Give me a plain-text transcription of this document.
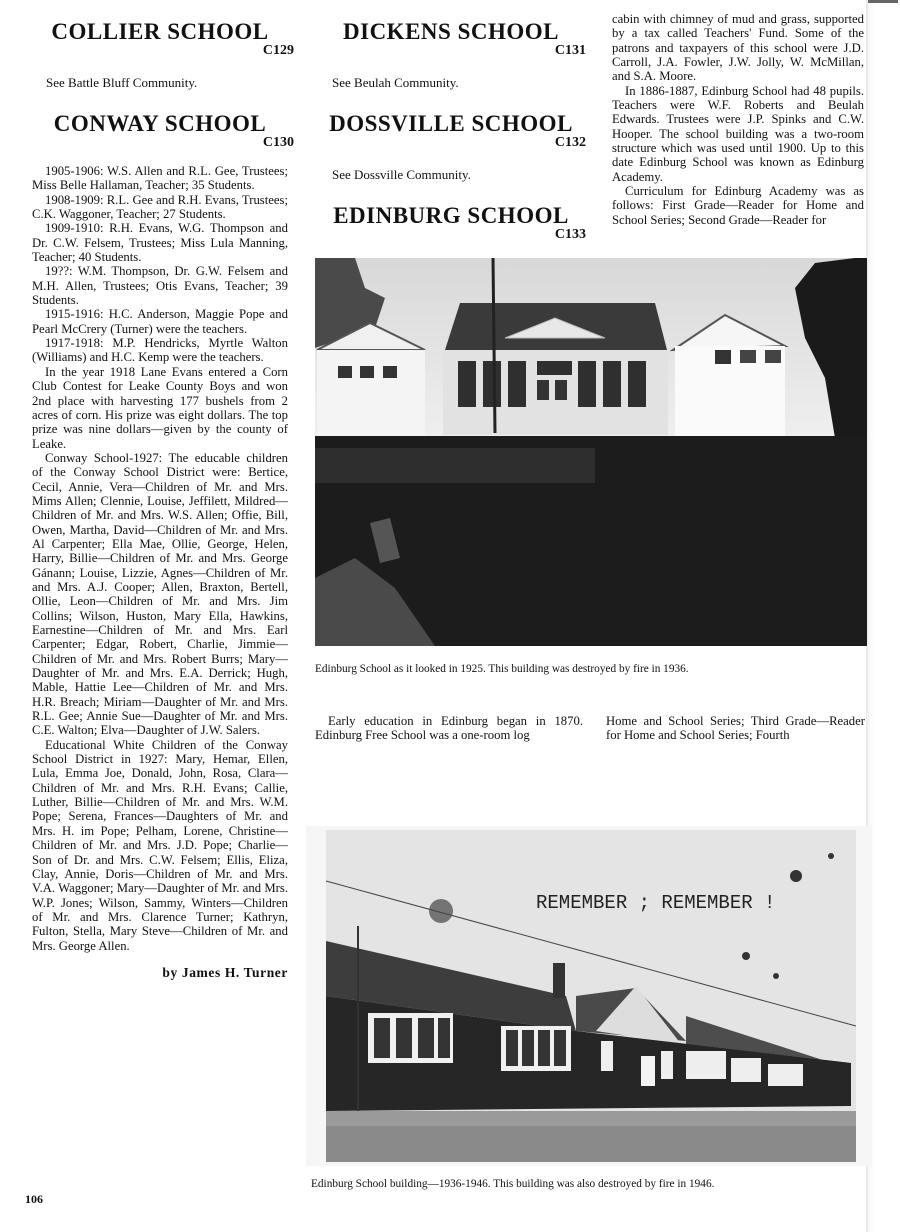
COLLIER SCHOOL
C129

See Battle Bluff Community.

CONWAY SCHOOL
C130

1905-1906: W.S. Allen and R.L. Gee, Trustees; Miss Belle Hallaman, Teacher; 35 Students.

1908-1909: R.L. Gee and R.H. Evans, Trustees; C.K. Waggoner, Teacher; 27 Students.

1909-1910: R.H. Evans, W.G. Thompson and Dr. C.W. Felsem, Trustees; Miss Lula Manning, Teacher; 40 Students.

19??: W.M. Thompson, Dr. G.W. Felsem and M.H. Allen, Trustees; Otis Evans, Teacher; 39 Students.

1915-1916: H.C. Anderson, Maggie Pope and Pearl McCrery (Turner) were the teachers.

1917-1918: M.P. Hendricks, Myrtle Walton (Williams) and H.C. Kemp were the teachers.

In the year 1918 Lane Evans entered a Corn Club Contest for Leake County Boys and won 2nd place with harvesting 177 bushels from 2 acres of corn. His prize was eight dollars. The top prize was nine dollars—given by the county of Leake.

Conway School-1927: The educable children of the Conway School District were: Bertice, Cecil, Annie, Vera—Children of Mr. and Mrs. Mims Allen; Clennie, Louise, Jeffilett, Mildred—Children of Mr. and Mrs. W.S. Allen; Offie, Bill, Owen, Martha, David—Children of Mr. and Mrs. Al Carpenter; Ella Mae, Ollie, George, Helen, Harry, Billie—Children of Mr. and Mrs. George Gánann; Louise, Lizzie, Agnes—Children of Mr. and Mrs. A.J. Cooper; Allen, Braxton, Bertell, Ollie, Leon—Children of Mr. and Mrs. Jim Collins; Wilson, Huston, Mary Ella, Hawkins, Earnestine—Children of Mr. and Mrs. Earl Carpenter; Edgar, Robert, Charlie, Jimmie—Children of Mr. and Mrs. Robert Burrs; Mary—Daughter of Mr. and Mrs. E.A. Derrick; Hugh, Mable, Hattie Lee—Children of Mr. and Mrs. H.R. Breach; Miriam—Daughter of Mr. and Mrs. R.L. Gee; Annie Sue—Daughter of Mr. and Mrs. C.E. Walton; Elva—Daughter of J.W. Salers.

Educational White Children of the Conway School District in 1927: Mary, Hemar, Ellen, Lula, Emma Joe, Donald, John, Rosa, Clara—Children of Mr. and Mrs. R.H. Evans; Callie, Luther, Billie—Children of Mr. and Mrs. W.M. Pope; Serena, Frances—Daughters of Mr. and Mrs. H. im Pope; Pelham, Lorene, Christine—Children of Mr. and Mrs. J.D. Pope; Charlie—Son of Dr. and Mrs. C.W. Felsem; Ellis, Eliza, Clay, Annie, Doris—Children of Mr. and Mrs. V.A. Waggoner; Mary—Daughter of Mr. and Mrs. W.P. Jones; Wilson, Sammy, Winters—Children of Mr. and Mrs. Clarence Turner; Kathryn, Fulton, Stella, Mary Steve—Children of Mr. and Mrs. George Allen.

by James H. Turner
DICKENS SCHOOL
C131

See Beulah Community.

DOSSVILLE SCHOOL
C132

See Dossville Community.

EDINBURG SCHOOL
C133

cabin with chimney of mud and grass, supported by a tax called Teachers' Fund. Some of the patrons and taxpayers of this school were J.D. Carroll, J.A. Fowler, J.W. Jolly, W. McMillan, and S.A. Moore.

In 1886-1887, Edinburg School had 48 pupils. Teachers were W.F. Roberts and Beulah Edwards. Trustees were J.P. Spinks and C.W. Hooper. The school building was a two-room structure which was used until 1900. Up to this date Edinburg School was known as Edinburg Academy.

Curriculum for Edinburg Academy was as follows: First Grade—Reader for Home and School Series; Second Grade—Reader for

Edinburg School as it looked in 1925. This building was destroyed by fire in 1936.

Early education in Edinburg began in 1870. Edinburg Free School was a one-room log

Home and School Series; Third Grade—Reader for Home and School Series; Fourth

REMEMBER ; REMEMBER !
Edinburg School building—1936-1946. This building was also destroyed by fire in 1946.
106
